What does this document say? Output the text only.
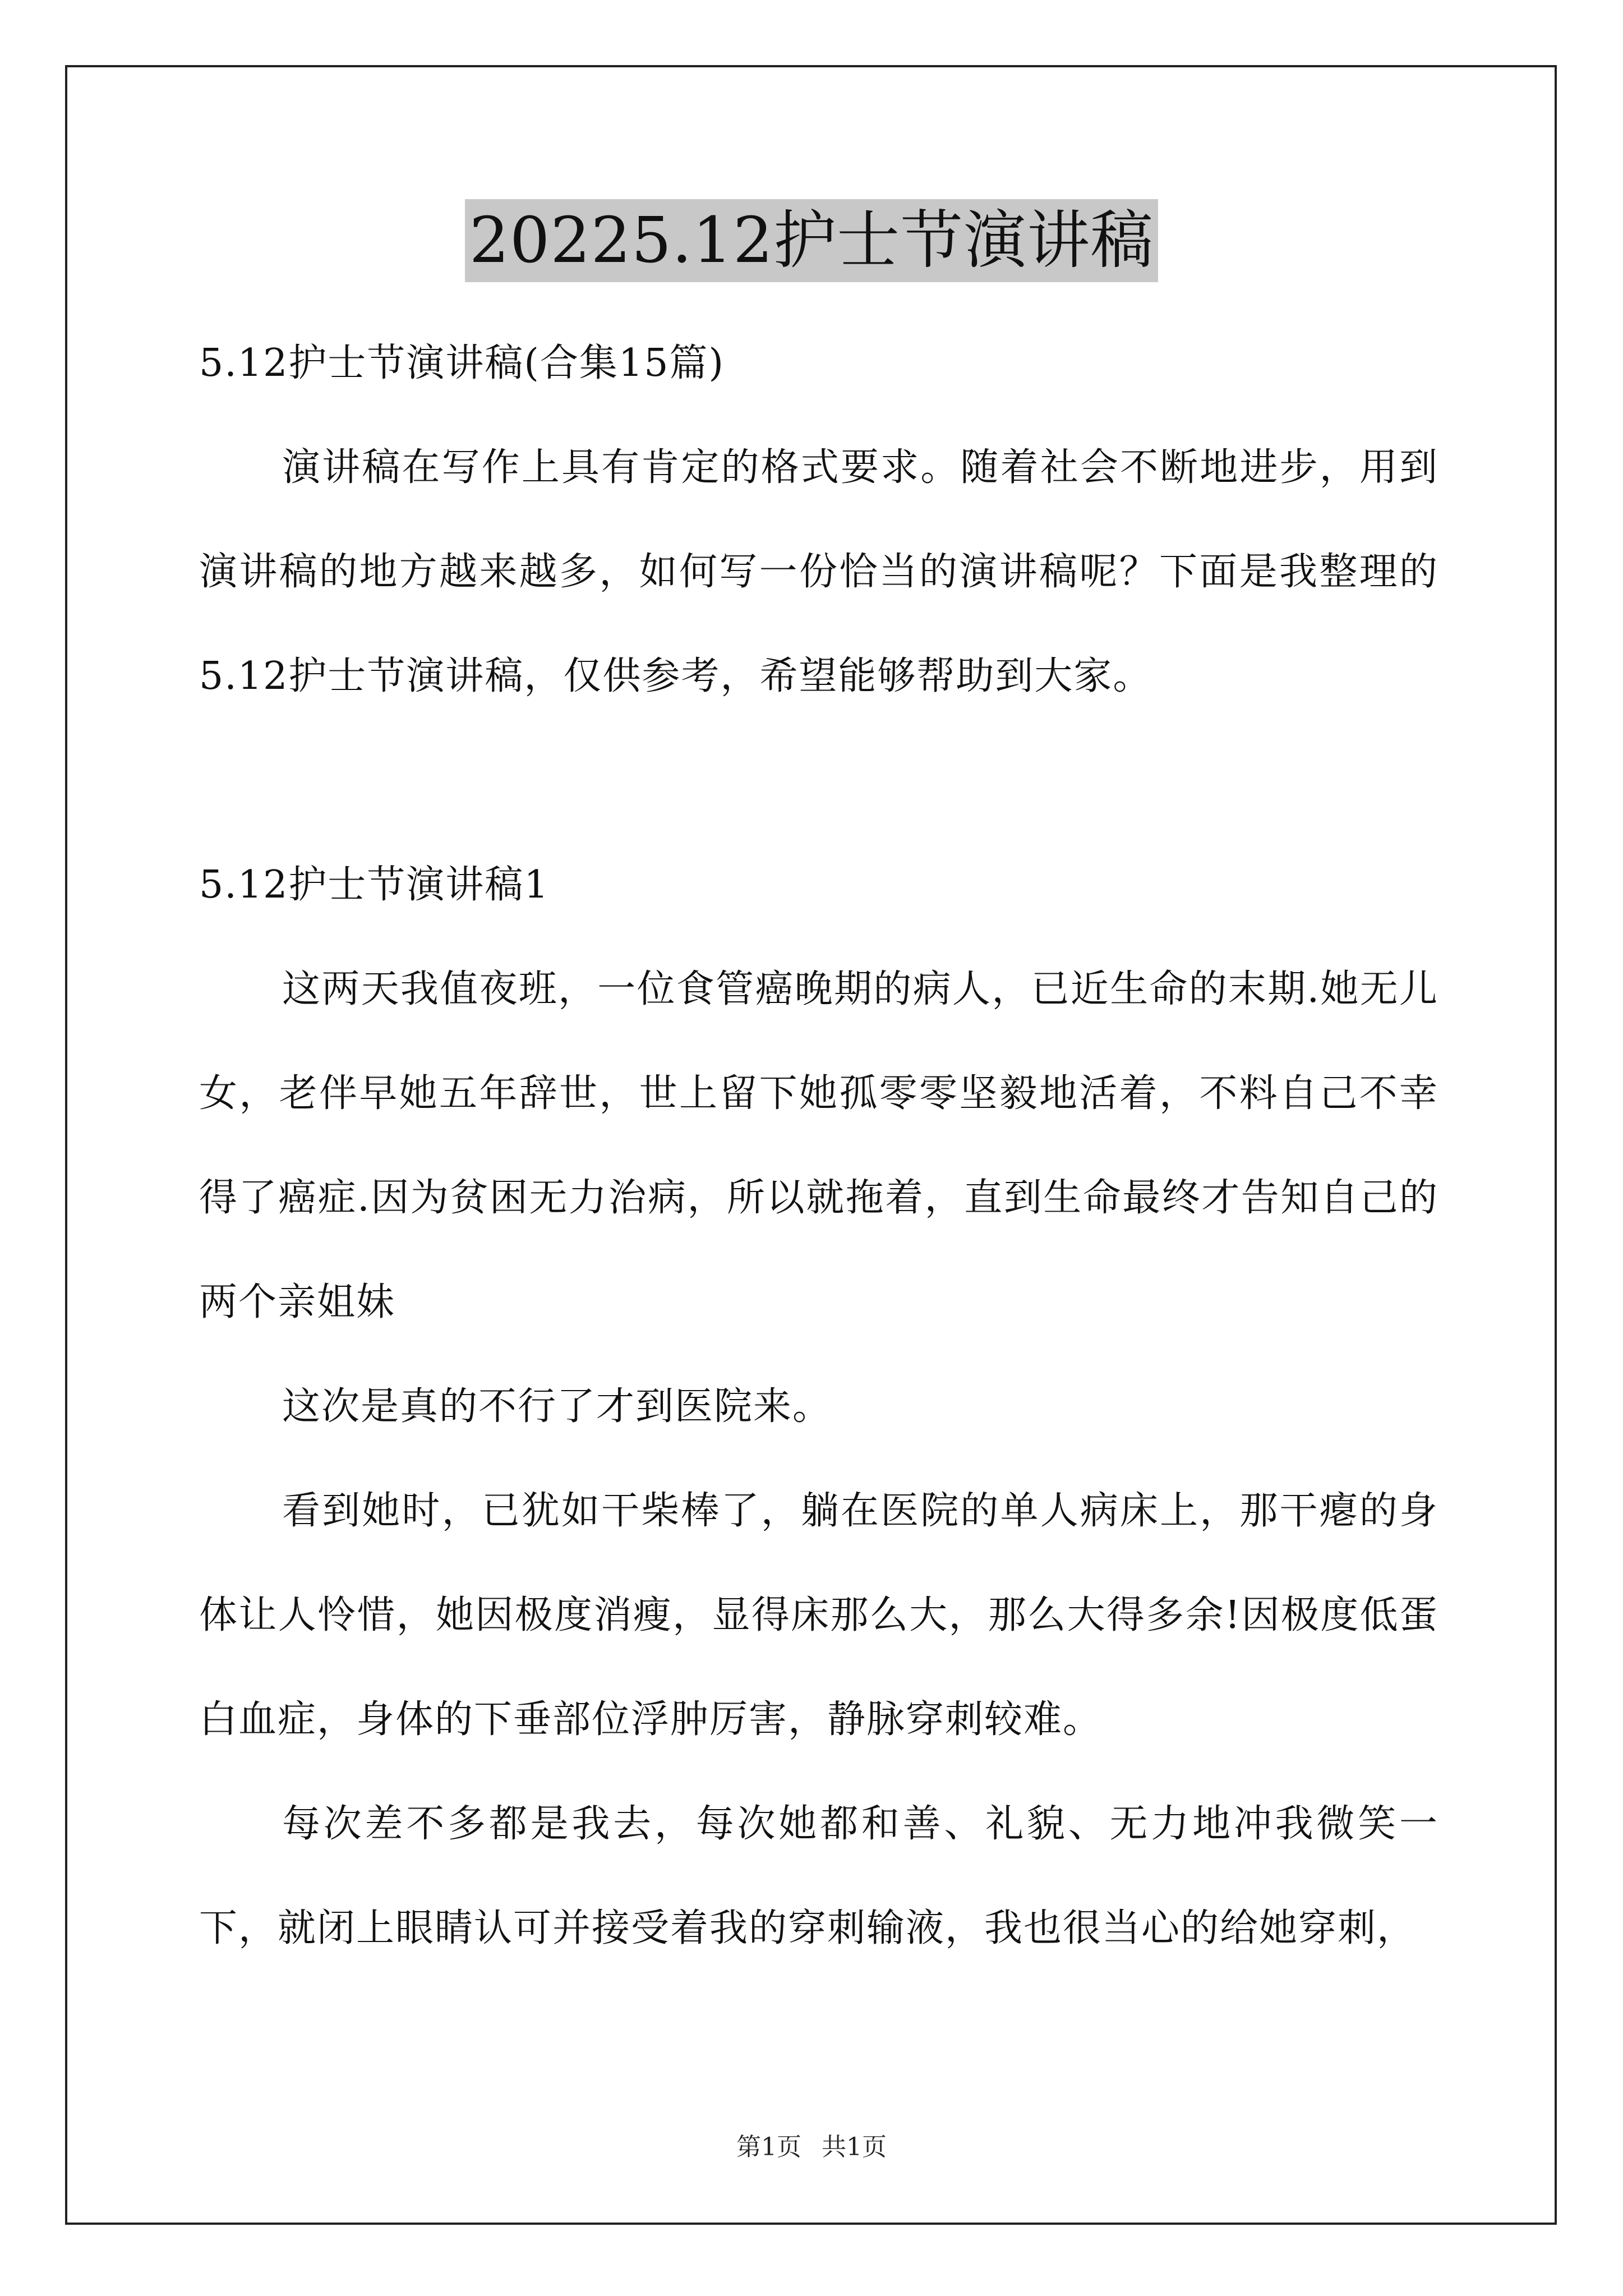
20225.12护士节演讲稿
5.12护士节演讲稿(合集15篇)

演讲稿在写作上具有肯定的格式要求。随着社会不断地进步，用到演讲稿的地方越来越多，如何写一份恰当的演讲稿呢？下面是我整理的5.12护士节演讲稿，仅供参考，希望能够帮助到大家。

5.12护士节演讲稿1

这两天我值夜班，一位食管癌晚期的病人，已近生命的末期.她无儿女，老伴早她五年辞世，世上留下她孤零零坚毅地活着，不料自己不幸得了癌症.因为贫困无力治病，所以就拖着，直到生命最终才告知自己的两个亲姐妹

这次是真的不行了才到医院来。

看到她时，已犹如干柴棒了，躺在医院的单人病床上，那干瘪的身体让人怜惜，她因极度消瘦，显得床那么大，那么大得多余!因极度低蛋白血症，身体的下垂部位浮肿厉害，静脉穿刺较难。

每次差不多都是我去，每次她都和善、礼貌、无力地冲我微笑一下，就闭上眼睛认可并接受着我的穿刺输液，我也很当心的给她穿刺，

第1页 共1页
